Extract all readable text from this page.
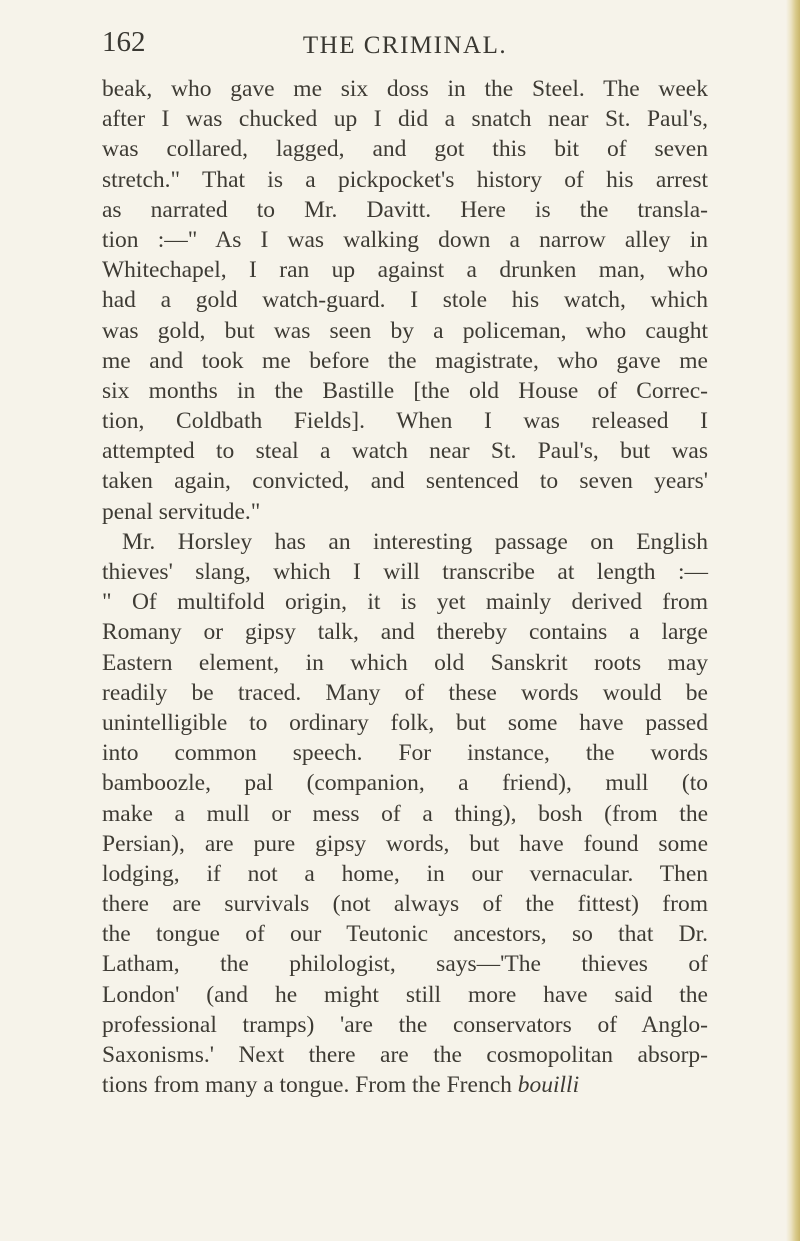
162	THE CRIMINAL.
beak, who gave me six doss in the Steel. The week
after I was chucked up I did a snatch near St. Paul's,
was collared, lagged, and got this bit of seven
stretch." That is a pickpocket's history of his arrest
as narrated to Mr. Davitt. Here is the transla-
tion :—" As I was walking down a narrow alley in
Whitechapel, I ran up against a drunken man, who
had a gold watch-guard. I stole his watch, which
was gold, but was seen by a policeman, who caught
me and took me before the magistrate, who gave me
six months in the Bastille [the old House of Correc-
tion, Coldbath Fields]. When I was released I
attempted to steal a watch near St. Paul's, but was
taken again, convicted, and sentenced to seven years'
penal servitude."
Mr. Horsley has an interesting passage on English
thieves' slang, which I will transcribe at length :—
" Of multifold origin, it is yet mainly derived from
Romany or gipsy talk, and thereby contains a large
Eastern element, in which old Sanskrit roots may
readily be traced. Many of these words would be
unintelligible to ordinary folk, but some have passed
into common speech. For instance, the words
bamboozle, pal (companion, a friend), mull (to
make a mull or mess of a thing), bosh (from the
Persian), are pure gipsy words, but have found some
lodging, if not a home, in our vernacular. Then
there are survivals (not always of the fittest) from
the tongue of our Teutonic ancestors, so that Dr.
Latham, the philologist, says—'The thieves of
London' (and he might still more have said the
professional tramps) 'are the conservators of Anglo-
Saxonisms.' Next there are the cosmopolitan absorp-
tions from many a tongue. From the French bouilli
